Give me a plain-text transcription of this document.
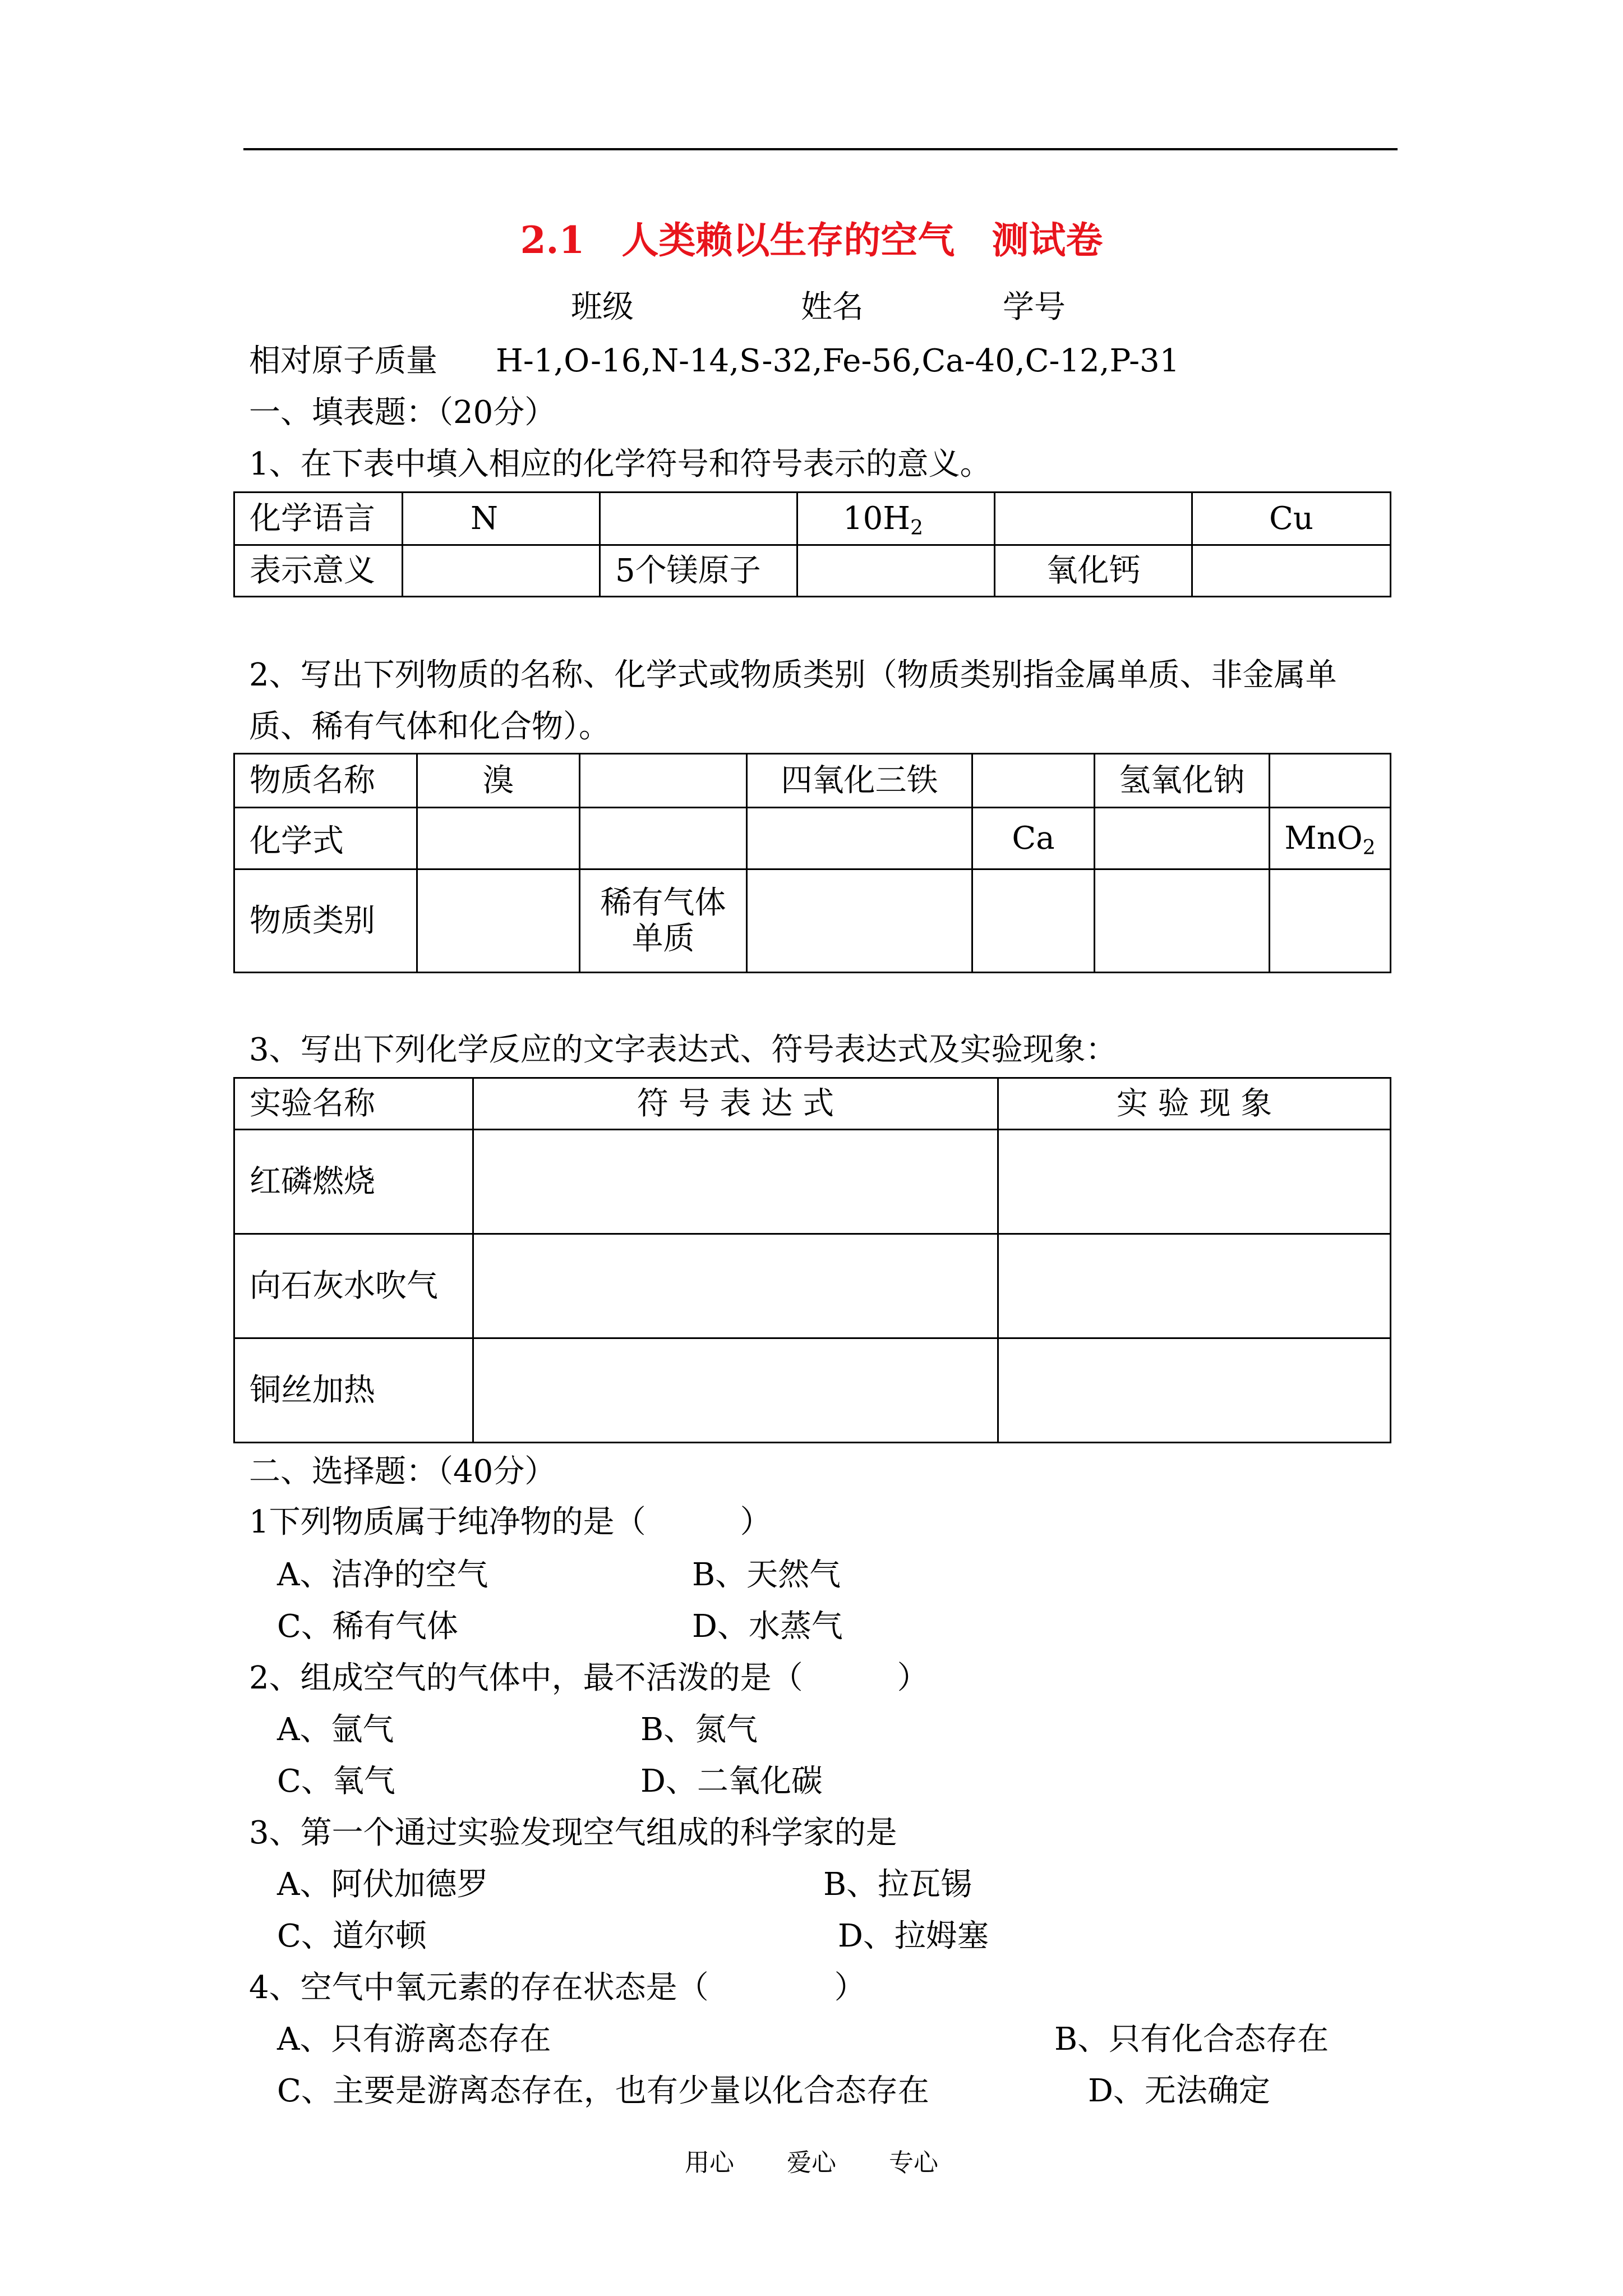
2.1　人类赖以生存的空气　测试卷
班级	姓名	学号
相对原子质量 H-1,O-16,N-14,S-32,Fe-56,Ca-40,C-12,P-31
一、填表题：（20分）
1、在下表中填入相应的化学符号和符号表示的意义。
化学语言	N		$10H_2$		Cu
表示意义		5个镁原子		氧化钙	
2、写出下列物质的名称、化学式或物质类别（物质类别指金属单质、非金属单
质、稀有气体和化合物）。
物质名称	溴		四氧化三铁		氢氧化钠	
化学式				Ca		MnO$_2$
物质类别		稀有气体
单质				

3、写出下列化学反应的文字表达式、符号表达式及实验现象：
实验名称	符 号 表 达 式	实 验 现 象
红磷燃烧		
向石灰水吹气		
铜丝加热		
二、选择题：（40分）
1下列物质属于纯净物的是（　　　）
A、洁净的空气	B、天然气
C、稀有气体	D、水蒸气
2、组成空气的气体中，最不活泼的是（　　　）
A、氩气	B、氮气
C、氧气	D、二氧化碳
3、第一个通过实验发现空气组成的科学家的是
A、阿伏加德罗	B、拉瓦锡
C、道尔顿	D、拉姆塞
4、空气中氧元素的存在状态是（　　　　）
A、只有游离态存在	B、只有化合态存在
C、主要是游离态存在，也有少量以化合态存在	D、无法确定
用心 爱心 专心
